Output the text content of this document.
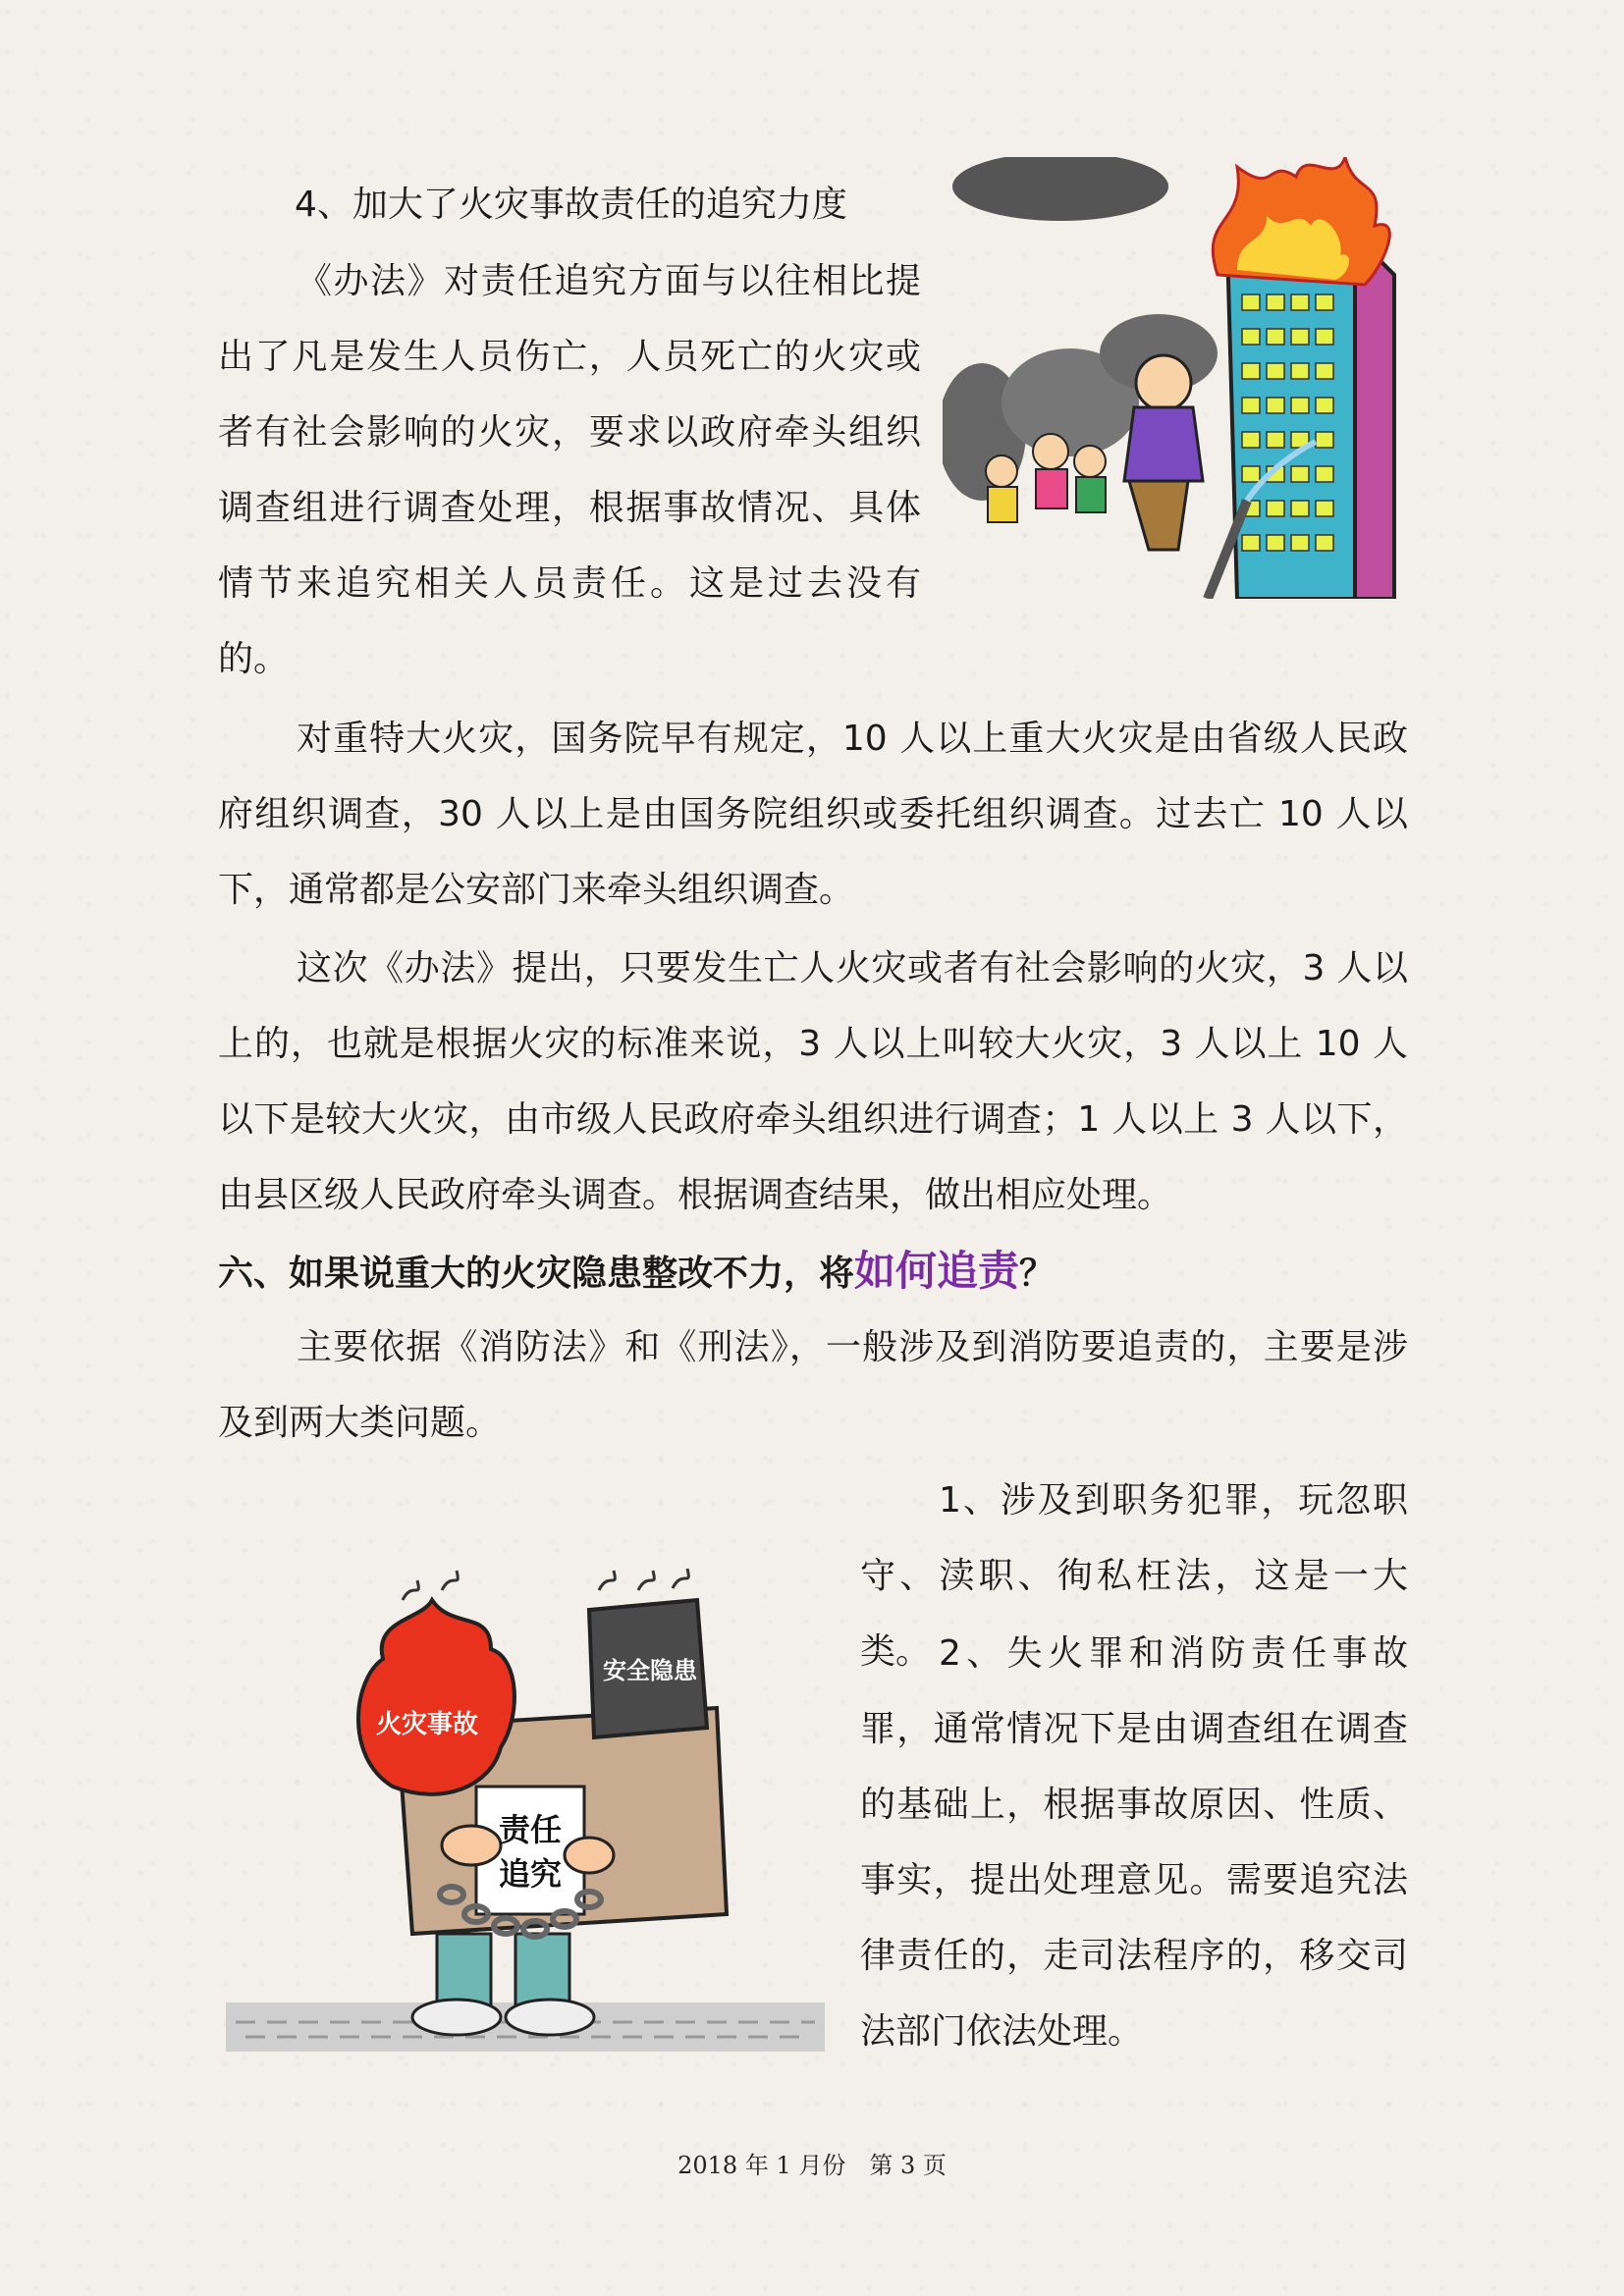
4、加大了火灾事故责任的追究力度

《办法》对责任追究方面与以往相比提出了凡是发生人员伤亡，人员死亡的火灾或者有社会影响的火灾，要求以政府牵头组织调查组进行调查处理，根据事故情况、具体情节来追究相关人员责任。这是过去没有的。

对重特大火灾，国务院早有规定，10 人以上重大火灾是由省级人民政府组织调查，30 人以上是由国务院组织或委托组织调查。过去亡 10 人以下，通常都是公安部门来牵头组织调查。

这次《办法》提出，只要发生亡人火灾或者有社会影响的火灾，3 人以上的，也就是根据火灾的标准来说，3 人以上叫较大火灾，3 人以上 10 人以下是较大火灾，由市级人民政府牵头组织进行调查；1 人以上 3 人以下，由县区级人民政府牵头调查。根据调查结果，做出相应处理。

六、如果说重大的火灾隐患整改不力，将如何追责？

主要依据《消防法》和《刑法》，一般涉及到消防要追责的，主要是涉及到两大类问题。

1、涉及到职务犯罪，玩忽职守、渎职、徇私枉法，这是一大类。 2、失火罪和消防责任事故罪，通常情况下是由调查组在调查的基础上，根据事故原因、性质、事实，提出处理意见。需要追究法律责任的，走司法程序的，移交司法部门依法处理。

火灾事故
安全隐患
责任
追究
2018 年 1 月份　第 3 页
